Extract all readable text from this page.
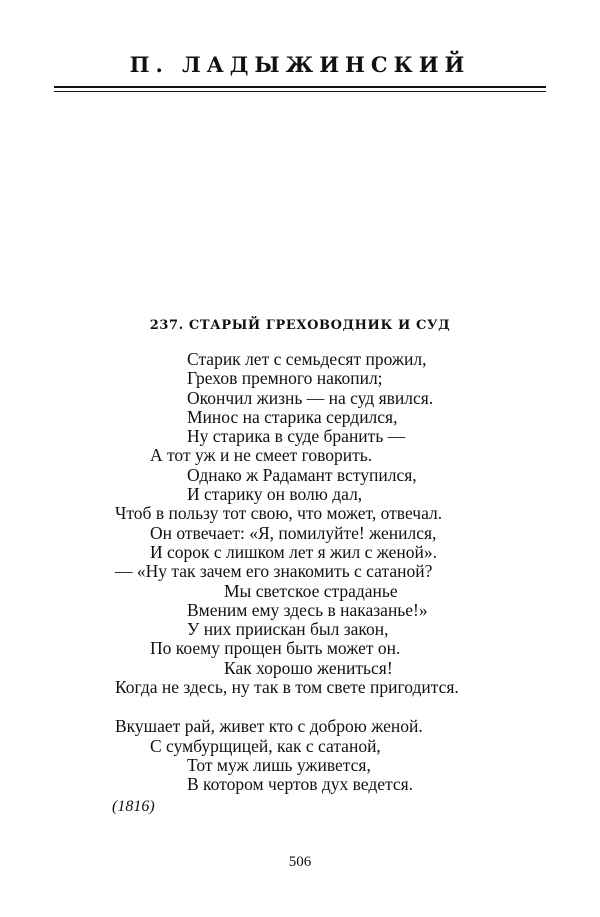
П. ЛАДЫЖИНСКИЙ
237. СТАРЫЙ ГРЕХОВОДНИК И СУД
Старик лет с семьдесят прожил,
Грехов премного накопил;
Окончил жизнь — на суд явился.
Минос на старика сердился,
Ну старика в суде бранить —
А тот уж и не смеет говорить.
Однако ж Радамант вступился,
И старику он волю дал,
Чтоб в пользу тот свою, что может, отвечал.
Он отвечает: «Я, помилуйте! женился,
И сорок с лишком лет я жил с женой».
— «Ну так зачем его знакомить с сатаной?
Мы светское страданье
Вменим ему здесь в наказанье!»
У них приискан был закон,
По коему прощен быть может он.
Как хорошо жениться!
Когда не здесь, ну так в том свете пригодится.
Вкушает рай, живет кто с доброю женой.
С сумбурщицей, как с сатаной,
Тот муж лишь уживется,
В котором чертов дух ведется.
(1816)
506
